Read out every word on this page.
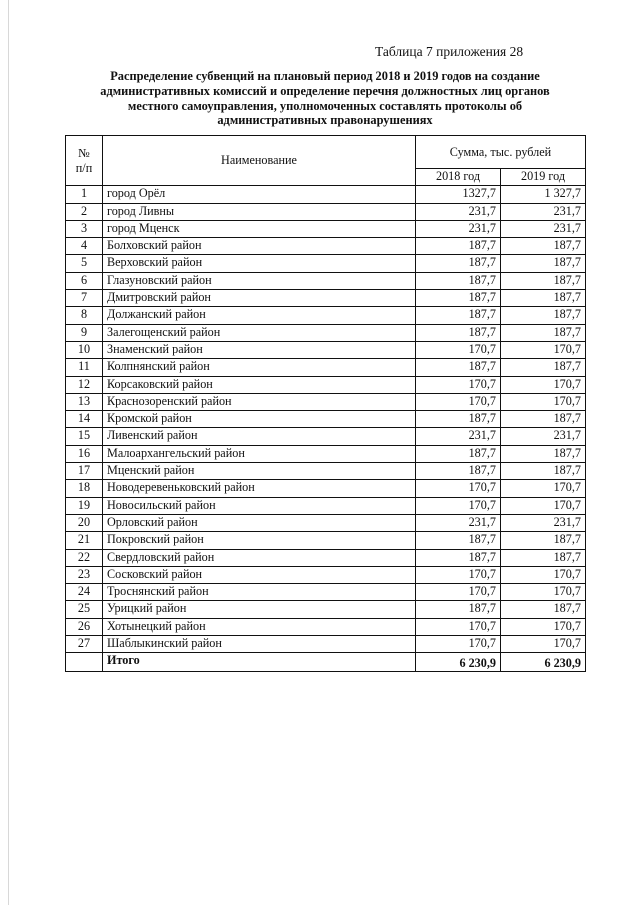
Таблица 7 приложения 28
Распределение субвенций на плановый период 2018 и 2019 годов на создание
административных комиссий и определение перечня должностных лиц органов
местного самоуправления, уполномоченных составлять протоколы об
административных правонарушениях
№
п/п	Наименование	Сумма, тыс. рублей	
		2018 год	2019 год
1	город Орёл	1327,7	1 327,7
2	город Ливны	231,7	231,7
3	город Мценск	231,7	231,7
4	Болховский район	187,7	187,7
5	Верховский район	187,7	187,7
6	Глазуновский район	187,7	187,7
7	Дмитровский район	187,7	187,7
8	Должанский район	187,7	187,7
9	Залегощенский район	187,7	187,7
10	Знаменский район	170,7	170,7
11	Колпнянский район	187,7	187,7
12	Корсаковский район	170,7	170,7
13	Краснозоренский район	170,7	170,7
14	Кромской район	187,7	187,7
15	Ливенский район	231,7	231,7
16	Малоархангельский район	187,7	187,7
17	Мценский район	187,7	187,7
18	Новодеревеньковский район	170,7	170,7
19	Новосильский район	170,7	170,7
20	Орловский район	231,7	231,7
21	Покровский район	187,7	187,7
22	Свердловский район	187,7	187,7
23	Сосковский район	170,7	170,7
24	Троснянский район	170,7	170,7
25	Урицкий район	187,7	187,7
26	Хотынецкий район	170,7	170,7
27	Шаблыкинский район	170,7	170,7
	Итого	6 230,9	6 230,9
